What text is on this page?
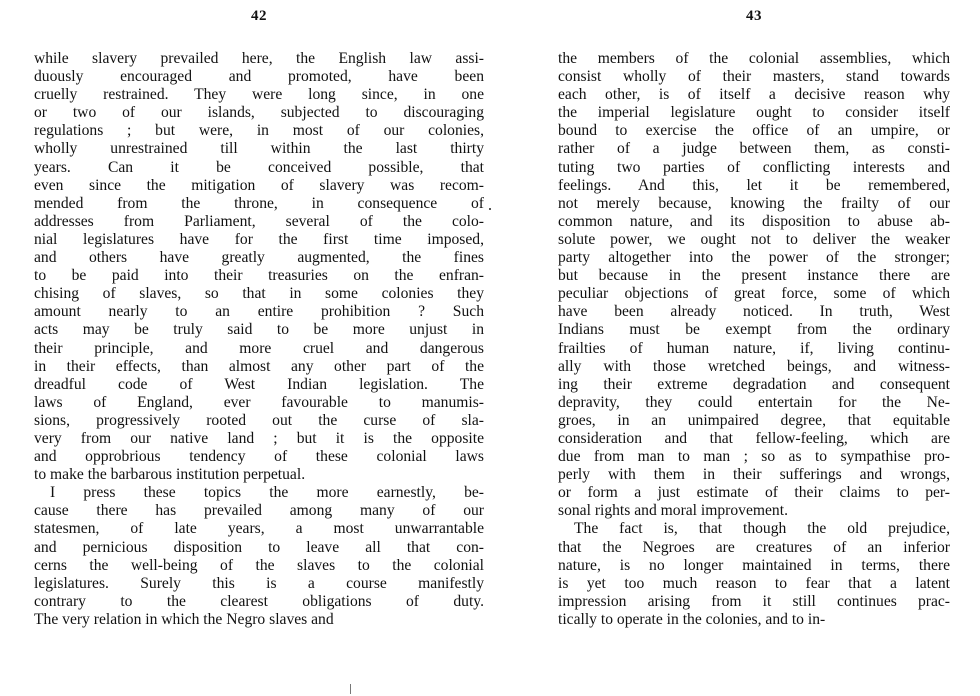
42
while slavery prevailed here, the English law assi-
duously encouraged and promoted, have been
cruelly restrained. They were long since, in one
or two of our islands, subjected to discouraging
regulations ; but were, in most of our colonies,
wholly unrestrained till within the last thirty
years. Can it be conceived possible, that
even since the mitigation of slavery was recom-
mended from the throne, in consequence of
addresses from Parliament, several of the colo-
nial legislatures have for the first time imposed,
and others have greatly augmented, the fines
to be paid into their treasuries on the enfran-
chising of slaves, so that in some colonies they
amount nearly to an entire prohibition ? Such
acts may be truly said to be more unjust in
their principle, and more cruel and dangerous
in their effects, than almost any other part of the
dreadful code of West Indian legislation. The
laws of England, ever favourable to manumis-
sions, progressively rooted out the curse of sla-
very from our native land ; but it is the opposite
and opprobrious tendency of these colonial laws
to make the barbarous institution perpetual.
I press these topics the more earnestly, be-
cause there has prevailed among many of our
statesmen, of late years, a most unwarrantable
and pernicious disposition to leave all that con-
cerns the well-being of the slaves to the colonial
legislatures. Surely this is a course manifestly
contrary to the clearest obligations of duty.
The very relation in which the Negro slaves and
43
the members of the colonial assemblies, which
consist wholly of their masters, stand towards
each other, is of itself a decisive reason why
the imperial legislature ought to consider itself
bound to exercise the office of an umpire, or
rather of a judge between them, as consti-
tuting two parties of conflicting interests and
feelings. And this, let it be remembered,
not merely because, knowing the frailty of our
common nature, and its disposition to abuse ab-
solute power, we ought not to deliver the weaker
party altogether into the power of the stronger;
but because in the present instance there are
peculiar objections of great force, some of which
have been already noticed. In truth, West
Indians must be exempt from the ordinary
frailties of human nature, if, living continu-
ally with those wretched beings, and witness-
ing their extreme degradation and consequent
depravity, they could entertain for the Ne-
groes, in an unimpaired degree, that equitable
consideration and that fellow-feeling, which are
due from man to man ; so as to sympathise pro-
perly with them in their sufferings and wrongs,
or form a just estimate of their claims to per-
sonal rights and moral improvement.
The fact is, that though the old prejudice,
that the Negroes are creatures of an inferior
nature, is no longer maintained in terms, there
is yet too much reason to fear that a latent
impression arising from it still continues prac-
tically to operate in the colonies, and to in-
